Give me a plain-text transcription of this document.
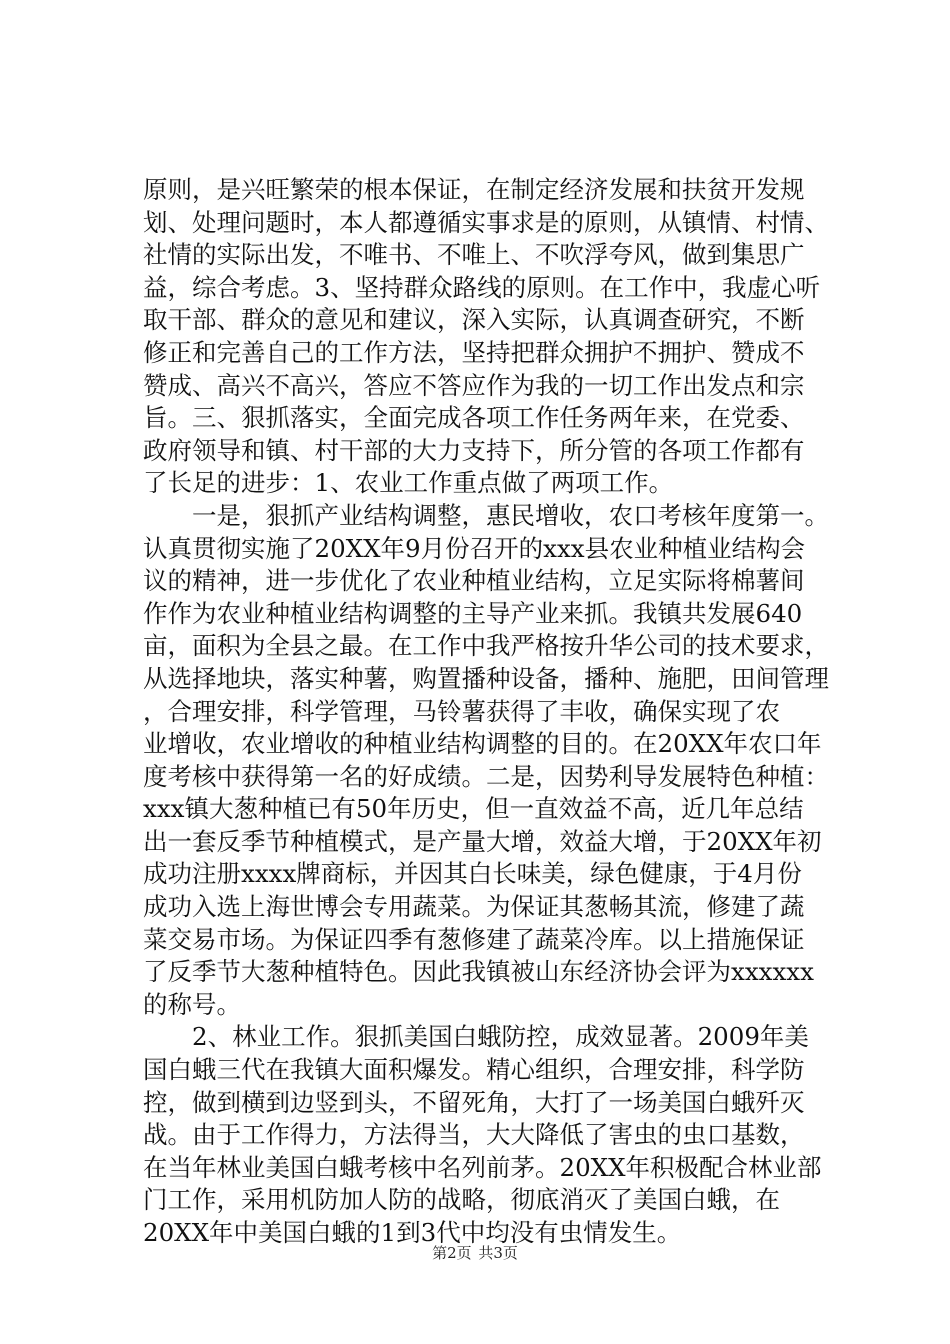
原则，是兴旺繁荣的根本保证，在制定经济发展和扶贫开发规
划、处理问题时，本人都遵循实事求是的原则，从镇情、村情、
社情的实际出发，不唯书、不唯上、不吹浮夸风，做到集思广
益，综合考虑。3、坚持群众路线的原则。在工作中，我虚心听
取干部、群众的意见和建议，深入实际，认真调查研究，不断
修正和完善自己的工作方法，坚持把群众拥护不拥护、赞成不
赞成、高兴不高兴，答应不答应作为我的一切工作出发点和宗
旨。三、狠抓落实，全面完成各项工作任务两年来，在党委、
政府领导和镇、村干部的大力支持下，所分管的各项工作都有
了长足的进步：1、农业工作重点做了两项工作。
　　一是，狠抓产业结构调整，惠民增收，农口考核年度第一。
认真贯彻实施了20XX年9月份召开的xxx县农业种植业结构会
议的精神，进一步优化了农业种植业结构，立足实际将棉薯间
作作为农业种植业结构调整的主导产业来抓。我镇共发展640
亩，面积为全县之最。在工作中我严格按升华公司的技术要求，
从选择地块，落实种薯，购置播种设备，播种、施肥，田间管理
，合理安排，科学管理，马铃薯获得了丰收，确保实现了农
业增收，农业增收的种植业结构调整的目的。在20XX年农口年
度考核中获得第一名的好成绩。二是，因势利导发展特色种植：
xxx镇大葱种植已有50年历史，但一直效益不高，近几年总结
出一套反季节种植模式，是产量大增，效益大增，于20XX年初
成功注册xxxx牌商标，并因其白长味美，绿色健康，于4月份
成功入选上海世博会专用蔬菜。为保证其葱畅其流，修建了蔬
菜交易市场。为保证四季有葱修建了蔬菜冷库。以上措施保证
了反季节大葱种植特色。因此我镇被山东经济协会评为xxxxxx
的称号。
　　2、林业工作。狠抓美国白蛾防控，成效显著。2009年美
国白蛾三代在我镇大面积爆发。精心组织，合理安排，科学防
控，做到横到边竖到头，不留死角，大打了一场美国白蛾歼灭
战。由于工作得力，方法得当，大大降低了害虫的虫口基数，
在当年林业美国白蛾考核中名列前茅。20XX年积极配合林业部
门工作，采用机防加人防的战略，彻底消灭了美国白蛾，在
20XX年中美国白蛾的1到3代中均没有虫情发生。
第2页 共3页
